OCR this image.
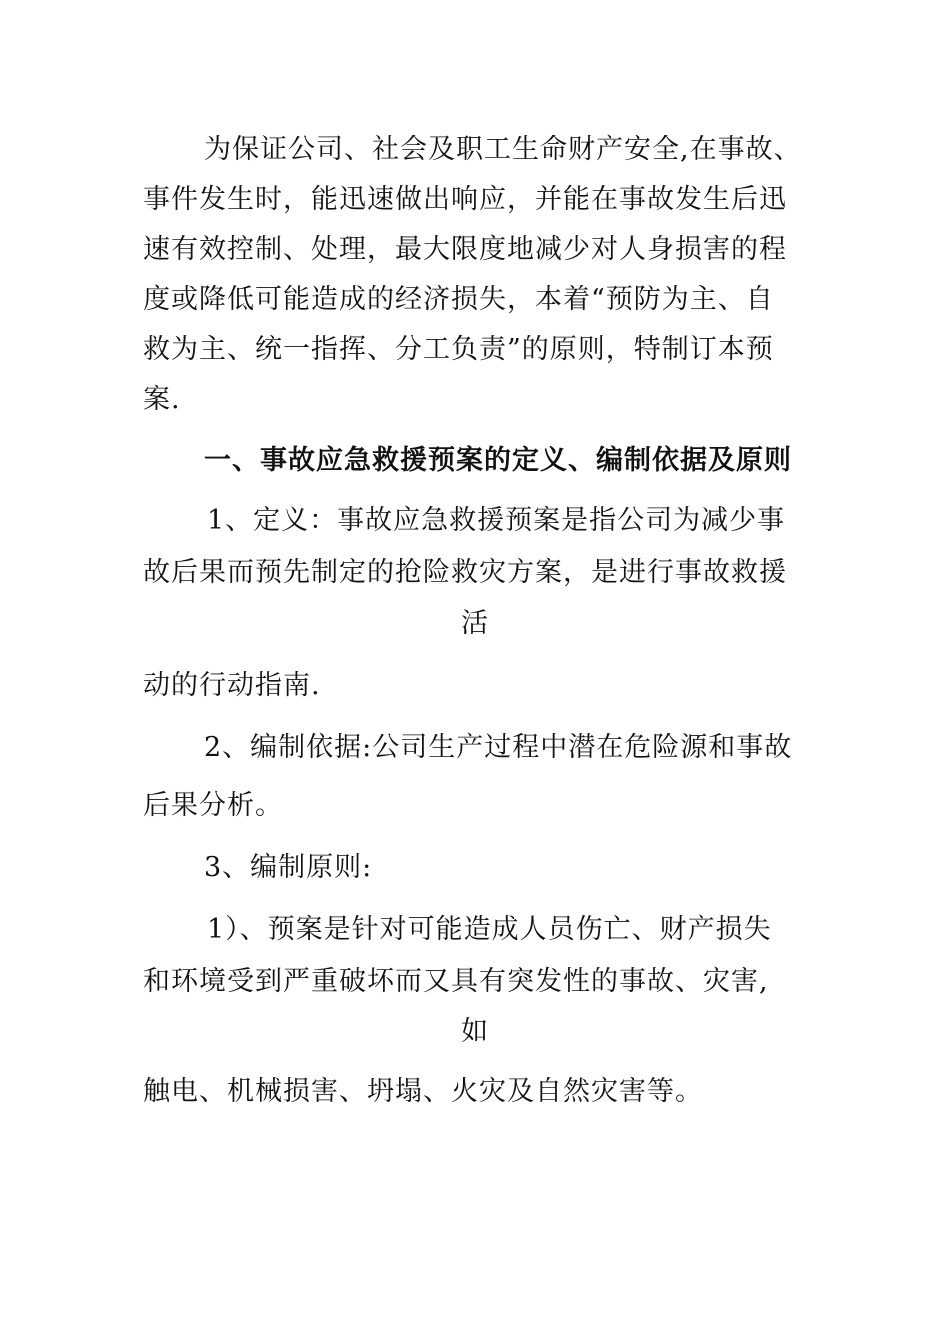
为保证公司、社会及职工生命财产安全,在事故、
事件发生时，能迅速做出响应，并能在事故发生后迅
速有效控制、处理，最大限度地减少对人身损害的程
度或降低可能造成的经济损失，本着“预防为主、自
救为主、统一指挥、分工负责”的原则，特制订本预
案.
一、事故应急救援预案的定义、编制依据及原则
1、定义：事故应急救援预案是指公司为减少事
故后果而预先制定的抢险救灾方案，是进行事故救援
活
动的行动指南.
2、编制依据:公司生产过程中潜在危险源和事故
后果分析。
3、编制原则:
1）、预案是针对可能造成人员伤亡、财产损失
和环境受到严重破坏而又具有突发性的事故、灾害,
如
触电、机械损害、坍塌、火灾及自然灾害等。
